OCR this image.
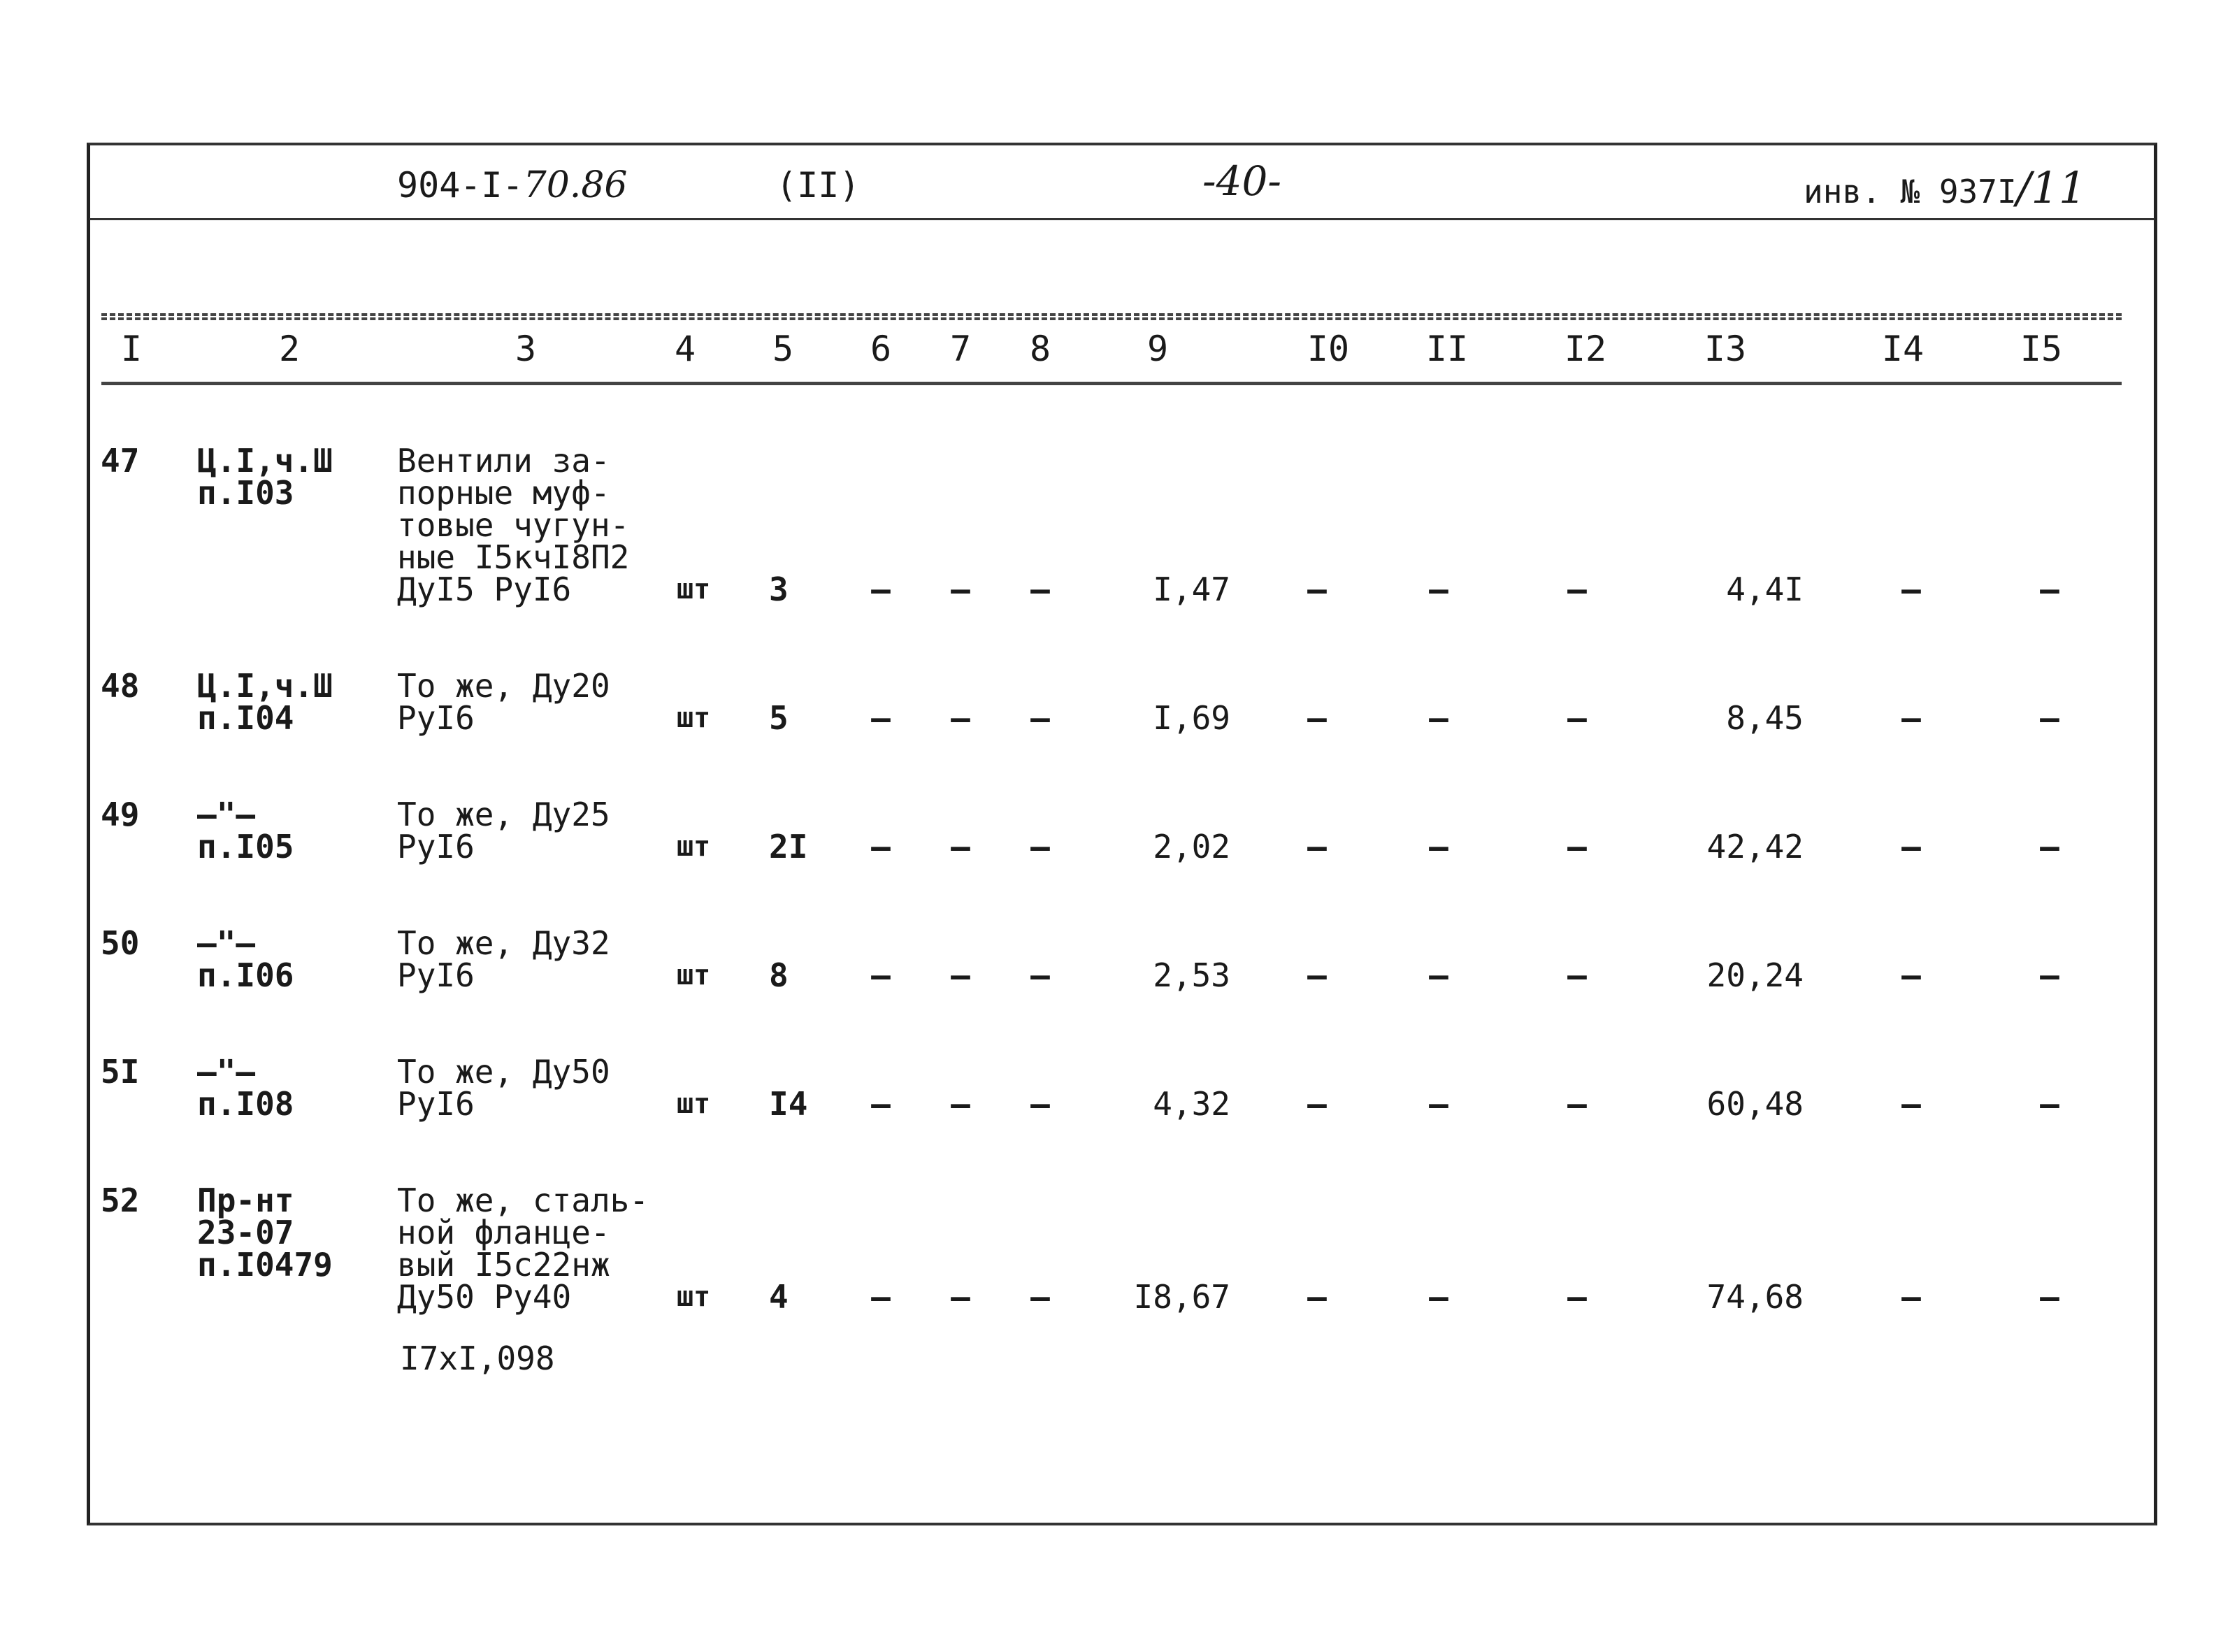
904-I-70.86	(II)	-40-	инв. № 937I/11
I	2	3	4	5	6	7	8	9	I0	II	I2	I3	I4	I5
47 Ц.I,ч.Ш
п.I03
Вентили за-
порные муф-
товые чугун-
ные I5кчI8П2
ДуI5 РуI6	шт 3	–	–	–	I,47	–	–	–	4,4I	–	–
48 Ц.I,ч.Ш
п.I04
То же, Ду20
РуI6	шт 5	–	–	–	I,69	–	–	–	8,45	–	–
49 –"–
п.I05
То же, Ду25
РуI6	шт 2I	–	–	–	2,02	–	–	–	42,42	–	–
50 –"–
п.I06
То же, Ду32
РуI6	шт 8	–	–	–	2,53	–	–	–	20,24	–	–
5I –"–
п.I08
То же, Ду50
РуI6	шт I4	–	–	–	4,32	–	–	–	60,48	–	–
52 Пр-нт
23-07
п.I0479
То же, сталь-
ной фланце-
вый I5с22нж
Ду50 Ру40	шт 4	–	–	–	I8,67	–	–	–	74,68	–	–
I7xI,098
